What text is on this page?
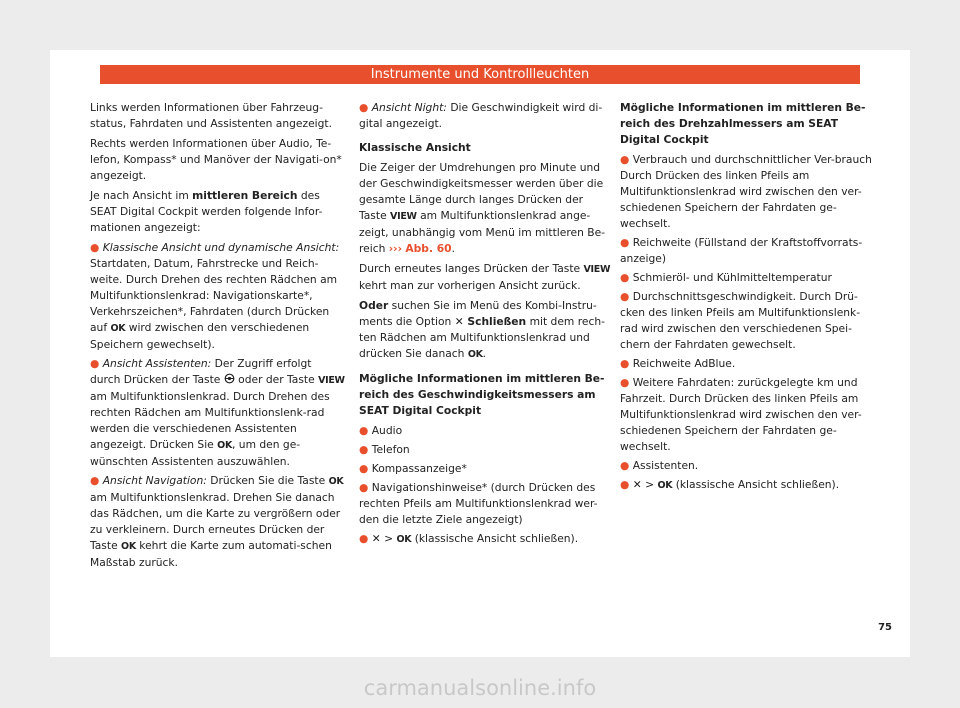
Instrumente und Kontrollleuchten

Links werden Informationen über Fahrzeug-status, Fahrdaten und Assistenten angezeigt.

Rechts werden Informationen über Audio, Te-lefon, Kompass* und Manöver der Navigati-on* angezeigt.

Je nach Ansicht im mittleren Bereich des SEAT Digital Cockpit werden folgende Infor-mationen angezeigt:

● Klassische Ansicht und dynamische Ansicht: Startdaten, Datum, Fahrstrecke und Reich-weite. Durch Drehen des rechten Rädchen am Multifunktionslenkrad: Navigationskarte*, Verkehrszeichen*, Fahrdaten (durch Drücken auf OK wird zwischen den verschiedenen Speichern gewechselt).

● Ansicht Assistenten: Der Zugriff erfolgt durch Drücken der Taste  oder der Taste VIEW am Multifunktionslenkrad. Durch Drehen des rechten Rädchen am Multifunktionslenk-rad werden die verschiedenen Assistenten angezeigt. Drücken Sie OK, um den ge-wünschten Assistenten auszuwählen.

● Ansicht Navigation: Drücken Sie die Taste OK am Multifunktionslenkrad. Drehen Sie danach das Rädchen, um die Karte zu vergrößern oder zu verkleinern. Durch erneutes Drücken der Taste OK kehrt die Karte zum automati-schen Maßstab zurück.

● Ansicht Night: Die Geschwindigkeit wird di-gital angezeigt.

Klassische Ansicht

Die Zeiger der Umdrehungen pro Minute und der Geschwindigkeitsmesser werden über die gesamte Länge durch langes Drücken der Taste VIEW am Multifunktionslenkrad ange-zeigt, unabhängig vom Menü im mittleren Be-reich ››› Abb. 60.

Durch erneutes langes Drücken der Taste VIEW kehrt man zur vorherigen Ansicht zurück.

Oder suchen Sie im Menü des Kombi-Instru-ments die Option ✕ Schließen mit dem rech-ten Rädchen am Multifunktionslenkrad und drücken Sie danach OK.

Mögliche Informationen im mittleren Be-reich des Geschwindigkeitsmessers am SEAT Digital Cockpit

● Audio

● Telefon

● Kompassanzeige*

● Navigationshinweise* (durch Drücken des rechten Pfeils am Multifunktionslenkrad wer-den die letzte Ziele angezeigt)

● ✕ > OK (klassische Ansicht schließen).

Mögliche Informationen im mittleren Be-reich des Drehzahlmessers am SEAT Digital Cockpit

● Verbrauch und durchschnittlicher Ver-brauch Durch Drücken des linken Pfeils am Multifunktionslenkrad wird zwischen den ver-schiedenen Speichern der Fahrdaten ge-wechselt.

● Reichweite (Füllstand der Kraftstoffvorrats-anzeige)

● Schmieröl- und Kühlmitteltemperatur

● Durchschnittsgeschwindigkeit. Durch Drü-cken des linken Pfeils am Multifunktionslenk-rad wird zwischen den verschiedenen Spei-chern der Fahrdaten gewechselt.

● Reichweite AdBlue.

● Weitere Fahrdaten: zurückgelegte km und Fahrzeit. Durch Drücken des linken Pfeils am Multifunktionslenkrad wird zwischen den ver-schiedenen Speichern der Fahrdaten ge-wechselt.

● Assistenten.

● ✕ > OK (klassische Ansicht schließen).

75
carmanualsonline.info
